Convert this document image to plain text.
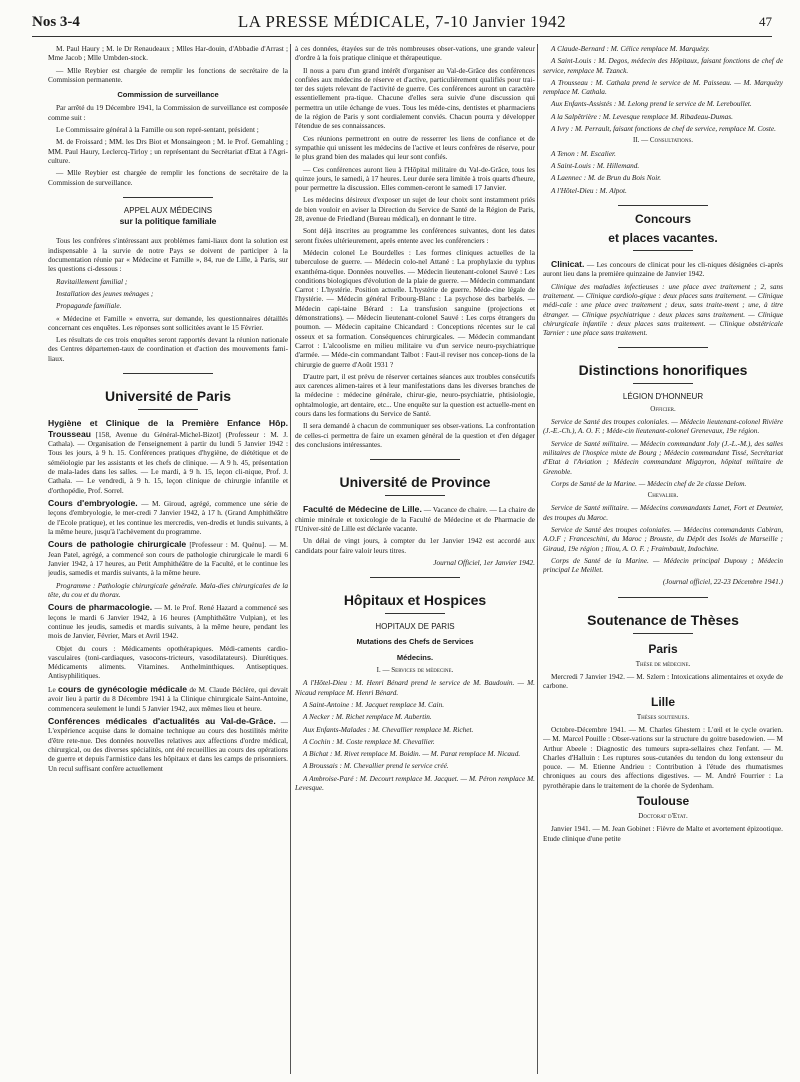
Nos 3-4	LA PRESSE MÉDICALE, 7-10 Janvier 1942	47

M. Paul Haury ; M. le Dr Renaudeaux ; Mlles Har-douin, d'Abbadie d'Arrast ; Mme Jacob ; Mlle Umbden-stock.

— Mlle Reybier est chargée de remplir les fonctions de secrétaire de la Commission permanente.

Commission de surveillance

Par arrêté du 19 Décembre 1941, la Commission de surveillance est composée comme suit :

Le Commissaire général à la Famille ou son repré-sentant, président ;

M. de Froissard ; MM. les Drs Biot et Monsaingeon ; M. le Prof. Gemahling ; MM. Paul Haury, Leclercq-Tirloy ; un représentant du Secrétariat d'Etat à l'Agri-culture.

— Mlle Reybier est chargée de remplir les fonctions de secrétaire de la Commission de surveillance.

APPEL AUX MÉDECINS
sur la politique familiale

Tous les confrères s'intéressant aux problèmes fami-liaux dont la solution est indispensable à la survie de notre Pays se doivent de participer à la documentation réunie par « Médecine et Famille », 84, rue de Lille, à Paris, sur les questions ci-dessous :

Ravitaillement familial ;

Installation des jeunes ménages ;

Propagande familiale.

« Médecine et Famille » enverra, sur demande, les questionnaires détaillés concernant ces enquêtes. Les réponses sont sollicitées avant le 15 Février.

Les résultats de ces trois enquêtes seront rapportés devant la réunion nationale des Centres départemen-taux de coordination et d'action des mouvements fami-liaux.

Université de Paris

Hygiène et Clinique de la Première Enfance Hôp. Trousseau [158, Avenue du Général-Michel-Bizot] (Professeur : M. J. Cathala). — Organisation de l'enseignement à partir du lundi 5 Janvier 1942 : Tous les jours, à 9 h. 15. Conférences pratiques d'hygiène, de diététique et de séméiologie par les assistants et les chefs de clinique. — A 9 h. 45, présentation de mala-lades dans les salles. — Le mardi, à 9 h. 15, leçon cli-nique, Prof. J. Cathala. — Le vendredi, à 9 h. 15, leçon clinique de chirurgie infantile et d'orthopédie, Prof. Sorrel.

Cours d'embryologie. — M. Giroud, agrégé, commence une série de leçons d'embryologie, le mer-credi 7 Janvier 1942, à 17 h. (Grand Amphithéâtre de l'Ecole pratique), et les continue les mercredis, ven-dredis et lundis suivants, à la même heure, jusqu'à l'achèvement du programme.

Cours de pathologie chirurgicale [Professeur : M. Quénu]. — M. Jean Patel, agrégé, a commencé son cours de pathologie chirurgicale le mardi 6 Janvier 1942, à 17 heures, au Petit Amphithéâtre de la Faculté, et le continue les jeudis, samedis et mardis suivants, à la même heure.

Programme : Pathologie chirurgicale générale. Mala-dies chirurgicales de la tête, du cou et du thorax.

Cours de pharmacologie. — M. le Prof. René Hazard a commencé ses leçons le mardi 6 Janvier 1942, à 16 heures (Amphithéâtre Vulpian), et les continue les jeudis, samedis et mardis suivants, à la même heure, pendant les mois de Janvier, Février, Mars et Avril 1942.

Objet du cours : Médicaments opothérapiques. Médi-caments cardio-vasculaires (toni-cardiaques, vasocons-tricteurs, vasodilatateurs). Diurétiques. Médicaments aliments. Vitamines. Anthelminthiques. Antiseptiques. Antisyphilitiques.

Le cours de gynécologie médicale de M. Claude Béclère, qui devait avoir lieu à partir du 8 Décembre 1941 à la Clinique chirurgicale Saint-Antoine, commencera seulement le lundi 5 Janvier 1942, aux mêmes lieu et heure.

Conférences médicales d'actualités au Val-de-Grâce. — L'expérience acquise dans le domaine technique au cours des hostilités mérite d'être rete-nue. Des données nouvelles relatives aux affections d'ordre médical, chirurgical, ou des diverses spécialités, ont été recueillies au cours des opérations de guerre et depuis l'armistice dans les hôpitaux et dans les camps de prisonniers. Un recul suffisant confère actuellement

à ces données, étayées sur de très nombreuses obser-vations, une grande valeur d'ordre à la fois pratique clinique et thérapeutique.

Il nous a paru d'un grand intérêt d'organiser au Val-de-Grâce des conférences confiées aux médecins de réserve et d'active, particulièrement qualifiés pour trai-ter des sujets relevant de l'activité de guerre. Ces conférences auront un caractère essentiellement pra-tique. Chacune d'elles sera suivie d'une discussion qui permettra un utile échange de vues. Tous les méde-cins, dentistes et pharmaciens de la région de Paris y sont cordialement conviés. Chacun pourra y développer l'étendue de ses connaissances.

Ces réunions permettront en outre de resserrer les liens de confiance et de sympathie qui unissent les médecins de l'active et leurs confrères de réserve, pour le plus grand bien des malades qui leur sont confiés.

— Ces conférences auront lieu à l'Hôpital militaire du Val-de-Grâce, tous les quinze jours, le samedi, à 17 heures. Leur durée sera limitée à trois quarts d'heure, pour permettre la discussion. Elles commen-ceront le samedi 17 Janvier.

Les médecins désireux d'exposer un sujet de leur choix sont instamment priés de bien vouloir en aviser la Direction du Service de Santé de la Région de Paris, 28, avenue de Friedland (Bureau médical), en donnant le titre.

Sont déjà inscrites au programme les conférences suivantes, dont les dates seront fixées ultérieurement, après entente avec les conférenciers :

Médecin colonel Le Bourdelles : Les formes cliniques actuelles de la tuberculose de guerre. — Médecin colo-nel Attané : La prophylaxie du typhus exanthéma-tique. Données nouvelles. — Médecin lieutenant-colonel Sauvé : Les conditions biologiques d'évolution de la plaie de guerre. — Médecin commandant Carrot : L'hystérie. Position actuelle. L'hystérie de guerre. Méde-cine légale de l'hystérie. — Médecin général Fribourg-Blanc : La psychose des barbelés. — Médecin capi-taine Bérard : La transfusion sanguine (projections et démonstrations). — Médecin lieutenant-colonel Sauvé : Les corps étrangers du poumon. — Médecin capitaine Chicandard : Conceptions récentes sur le cal osseux et sa formation. Conséquences chirurgicales. — Médecin commandant Carrot : L'alcoolisme en milieu militaire vu d'un service neuro-psychiatrique d'armée. — Méde-cin commandant Talbot : Faut-il reviser nos concep-tions de la chirurgie de guerre d'Août 1931 ?

D'autre part, il est prévu de réserver certaines séances aux troubles consécutifs aux carences alimen-taires et à leur manifestations dans les diverses branches de la médecine : médecine générale, chirur-gie, neuro-psychiatrie, phtisiologie, ophtalmologie, art dentaire, etc... Une enquête sur la question est actuelle-ment en cours dans les formations du Service de Santé.

Il sera demandé à chacun de communiquer ses obser-vations. La confrontation de celles-ci permettra de faire un examen général de la question et d'en dégager des conclusions intéressantes.

Université de Province

Faculté de Médecine de Lille. — Vacance de chaire. — La chaire de chimie minérale et toxicologie de la Faculté de Médecine et de Pharmacie de l'Univer-sité de Lille est déclarée vacante.

Un délai de vingt jours, à compter du 1er Janvier 1942 est accordé aux candidats pour faire valoir leurs titres.

Journal Officiel, 1er Janvier 1942.

Hôpitaux et Hospices
HOPITAUX DE PARIS
Mutations des Chefs de Services
Médecins.
I. — Services de médecine.

A l'Hôtel-Dieu : M. Henri Bénard prend le service de M. Baudouin. — M. Nicaud remplace M. Henri Bénard.

A Saint-Antoine : M. Jacquet remplace M. Cain.

A Necker : M. Richet remplace M. Aubertin.

Aux Enfants-Malades : M. Chevallier remplace M. Richet.

A Cochin : M. Coste remplace M. Chevallier.

A Bichat : M. Rivet remplace M. Boidin. — M. Parat remplace M. Nicaud.

A Broussais : M. Chevallier prend le service créé.

A Ambroise-Paré : M. Decourt remplace M. Jacquet. — M. Péron remplace M. Levesque.

A Claude-Bernard : M. Célice remplace M. Marquézy.

A Saint-Louis : M. Degos, médecin des Hôpitaux, faisant fonctions de chef de service, remplace M. Tzanck.

A Trousseau : M. Cathala prend le service de M. Paisseau. — M. Marquézy remplace M. Cathala.

Aux Enfants-Assistés : M. Lelong prend le service de M. Lereboullet.

A la Salpêtrière : M. Levesque remplace M. Ribadeau-Dumas.

A Ivry : M. Perrault, faisant fonctions de chef de service, remplace M. Coste.

II. — Consultations.

A Tenon : M. Escalier.

A Saint-Louis : M. Hillemand.

A Laennec : M. de Brun du Bois Noir.

A l'Hôtel-Dieu : M. Alpot.

Concours
et places vacantes.

Clinicat. — Les concours de clinicat pour les cli-niques désignées ci-après auront lieu dans la première quinzaine de Janvier 1942.

Clinique des maladies infectieuses : une place avec traitement ; 2, sans traitement. — Clinique cardiolo-gique : deux places sans traitement. — Clinique médi-cale : une place avec traitement ; deux, sans traite-ment ; une, à titre étranger. — Clinique psychiatrique : deux places sans traitement. — Clinique chirurgicale infantile : deux places sans traitement. — Clinique obstétricale Tarnier : une place sans traitement.

Distinctions honorifiques
LÉGION D'HONNEUR
Officier.

Service de Santé des troupes coloniales. — Médecin lieutenant-colonel Rivière (J.-E.-Ch.), A. O. F. ; Méde-cin lieutenant-colonel Grenevaux, 19e région.

Service de Santé militaire. — Médecin commandant Joly (J.-L.-M.), des salles militaires de l'hospice mixte de Bourg ; Médecin commandant Tissé, Secrétariat d'Etat à l'Aviation ; Médecin commandant Migayron, hôpital militaire de Grenoble.

Corps de Santé de la Marine. — Médecin chef de 2e classe Delom.

Chevalier.

Service de Santé militaire. — Médecins commandants Lanet, Fort et Deumier, des troupes du Maroc.

Service de Santé des troupes coloniales. — Médecins commandants Cabiran, A.O.F ; Franceschini, du Maroc ; Brouste, du Dépôt des Isolés de Marseille ; Giraud, 19e région ; Iliou, A. O. F. ; Fraimbault, Indochine.

Corps de Santé de la Marine. — Médecin principal Dupouy ; Médecin principal Le Meillet.

(Journal officiel, 22-23 Décembre 1941.)

Soutenance de Thèses
Paris
Thèse de médecine.

Mercredi 7 Janvier 1942. — M. Szlern : Intoxications alimentaires et oxyde de carbone.

Lille
Thèses soutenues.

Octobre-Décembre 1941. — M. Charles Ghestem : L'œil et le cycle ovarien. — M. Marcel Pouille : Obser-vations sur la structure du goitre basedowien. — M Arthur Abeele : Diagnostic des tumeurs supra-sellaires chez l'enfant. — M. Charles d'Halluin : Les ruptures sous-cutanées du tendon du long extenseur du pouce. — M. Etienne Andrieu : Contribution à l'étude des rhumatismes chroniques au cours des affections digestives. — M. André Fourrier : La pyrothérapie dans le traitement de la chorée de Sydenham.

Toulouse
Doctorat d'Etat.

Janvier 1941. — M. Jean Gobinet : Fièvre de Malte et avortement épizootique. Etude clinique d'une petite
